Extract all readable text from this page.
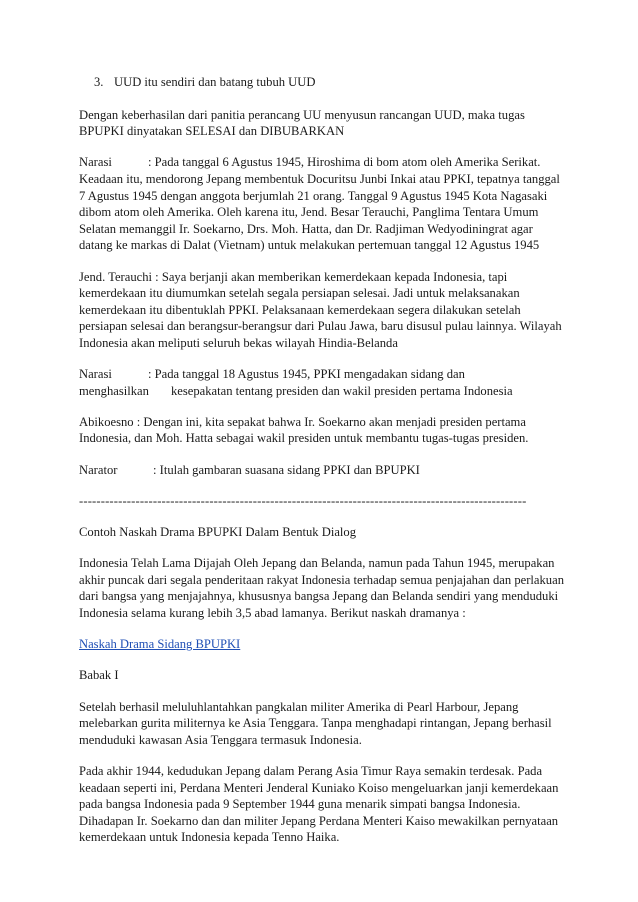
3. UUD itu sendiri dan batang tubuh UUD

Dengan keberhasilan dari panitia perancang UU menyusun rancangan UUD, maka tugas BPUPKI dinyatakan SELESAI dan DIBUBARKAN

Narasi	: Pada tanggal 6 Agustus 1945, Hiroshima di bom atom oleh Amerika Serikat. Keadaan itu, mendorong Jepang membentuk Docuritsu Junbi Inkai atau PPKI, tepatnya tanggal 7 Agustus 1945 dengan anggota berjumlah 21 orang. Tanggal 9 Agustus 1945 Kota Nagasaki dibom atom oleh Amerika. Oleh karena itu, Jend. Besar Terauchi, Panglima Tentara Umum Selatan memanggil Ir. Soekarno, Drs. Moh. Hatta, dan Dr. Radjiman Wedyodiningrat agar datang ke markas di Dalat (Vietnam) untuk melakukan pertemuan tanggal 12 Agustus 1945

Jend. Terauchi : Saya berjanji akan memberikan kemerdekaan kepada Indonesia, tapi kemerdekaan itu diumumkan setelah segala persiapan selesai. Jadi untuk melaksanakan kemerdekaan itu dibentuklah PPKI. Pelaksanaan kemerdekaan segera dilakukan setelah persiapan selesai dan berangsur-berangsur dari Pulau Jawa, baru disusul pulau lainnya. Wilayah Indonesia akan meliputi seluruh bekas wilayah Hindia-Belanda

Narasi	: Pada tanggal 18 Agustus 1945, PPKI mengadakan sidang dan
menghasilkan kesepakatan tentang presiden dan wakil presiden pertama Indonesia

Abikoesno : Dengan ini, kita sepakat bahwa Ir. Soekarno akan menjadi presiden pertama Indonesia, dan Moh. Hatta sebagai wakil presiden untuk membantu tugas-tugas presiden.

Narator	: Itulah gambaran suasana sidang PPKI dan BPUPKI

-------------------------------------------------------------------------------------------------------

Contoh Naskah Drama BPUPKI Dalam Bentuk Dialog

Indonesia Telah Lama Dijajah Oleh Jepang dan Belanda, namun pada Tahun 1945, merupakan akhir puncak dari segala penderitaan rakyat Indonesia terhadap semua penjajahan dan perlakuan dari bangsa yang menjajahnya, khususnya bangsa Jepang dan Belanda sendiri yang menduduki Indonesia selama kurang lebih 3,5 abad lamanya. Berikut naskah dramanya :

Naskah Drama Sidang BPUPKI

Babak I

Setelah berhasil meluluhlantahkan pangkalan militer Amerika di Pearl Harbour, Jepang melebarkan gurita militernya ke Asia Tenggara. Tanpa menghadapi rintangan, Jepang berhasil menduduki kawasan Asia Tenggara termasuk Indonesia.

Pada akhir 1944, kedudukan Jepang dalam Perang Asia Timur Raya semakin terdesak. Pada keadaan seperti ini, Perdana Menteri Jenderal Kuniako Koiso mengeluarkan janji kemerdekaan pada bangsa Indonesia pada 9 September 1944 guna menarik simpati bangsa Indonesia. Dihadapan Ir. Soekarno dan dan militer Jepang Perdana Menteri Kaiso mewakilkan pernyataan kemerdekaan untuk Indonesia kepada Tenno Haika.
